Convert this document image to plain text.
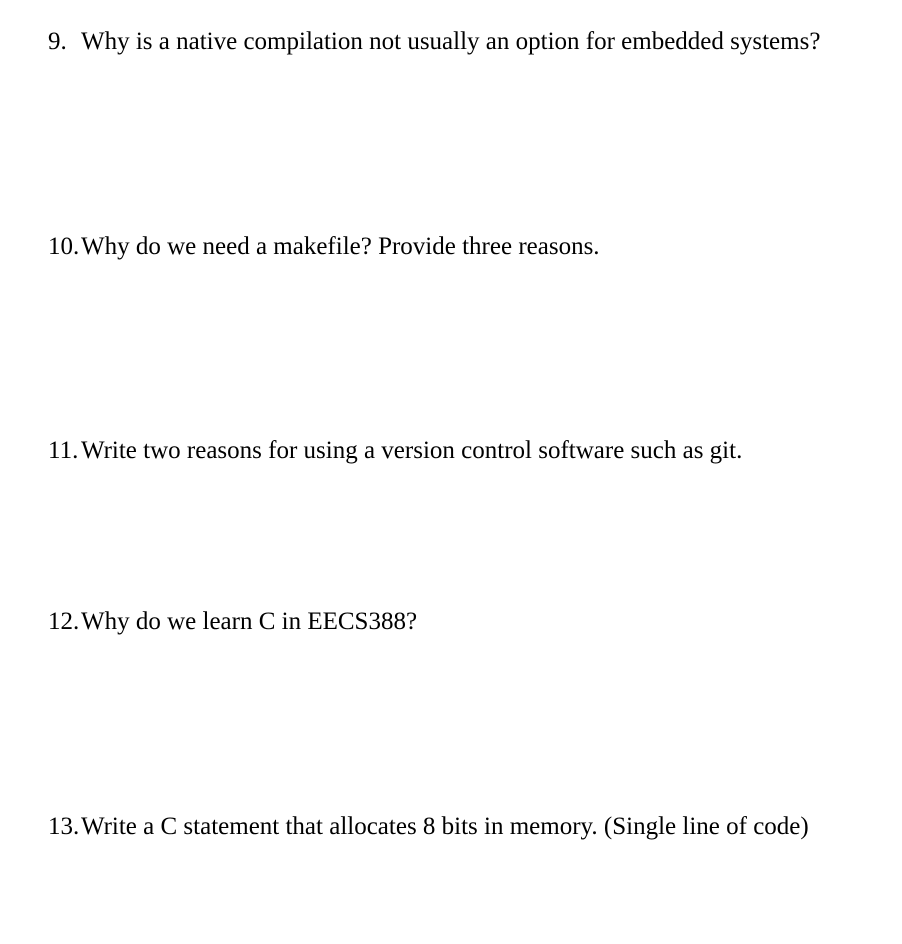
9. Why is a native compilation not usually an option for embedded systems?
10. Why do we need a makefile? Provide three reasons.
11. Write two reasons for using a version control software such as git.
12. Why do we learn C in EECS388?
13. Write a C statement that allocates 8 bits in memory. (Single line of code)
